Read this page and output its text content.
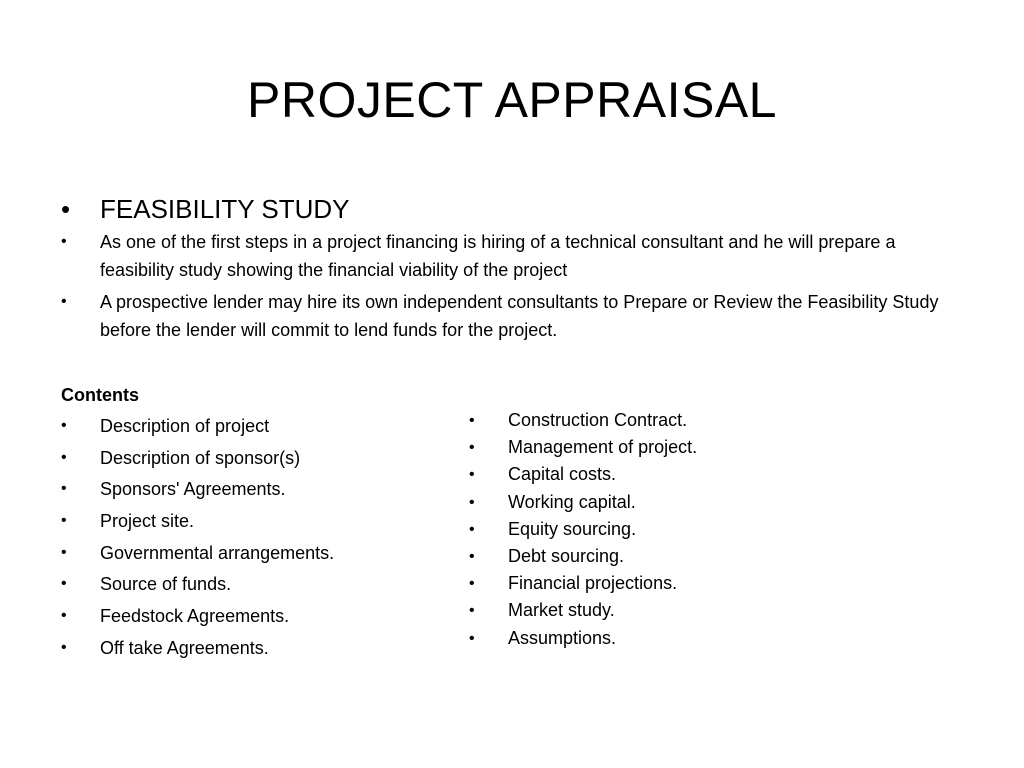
PROJECT APPRAISAL
• FEASIBILITY STUDY
• As one of the first steps in a project financing is hiring of a technical consultant and he will prepare a feasibility study showing the financial viability of the project
• A prospective lender may hire its own independent consultants to Prepare or Review the Feasibility Study before the lender will commit to lend funds for the project.
Contents
• Description of project
• Description of sponsor(s)
• Sponsors' Agreements.
• Project site.
• Governmental arrangements.
• Source of funds.
• Feedstock Agreements.
• Off take Agreements.
• Construction Contract.
• Management of project.
• Capital costs.
• Working capital.
• Equity sourcing.
• Debt sourcing.
• Financial projections.
• Market study.
• Assumptions.
